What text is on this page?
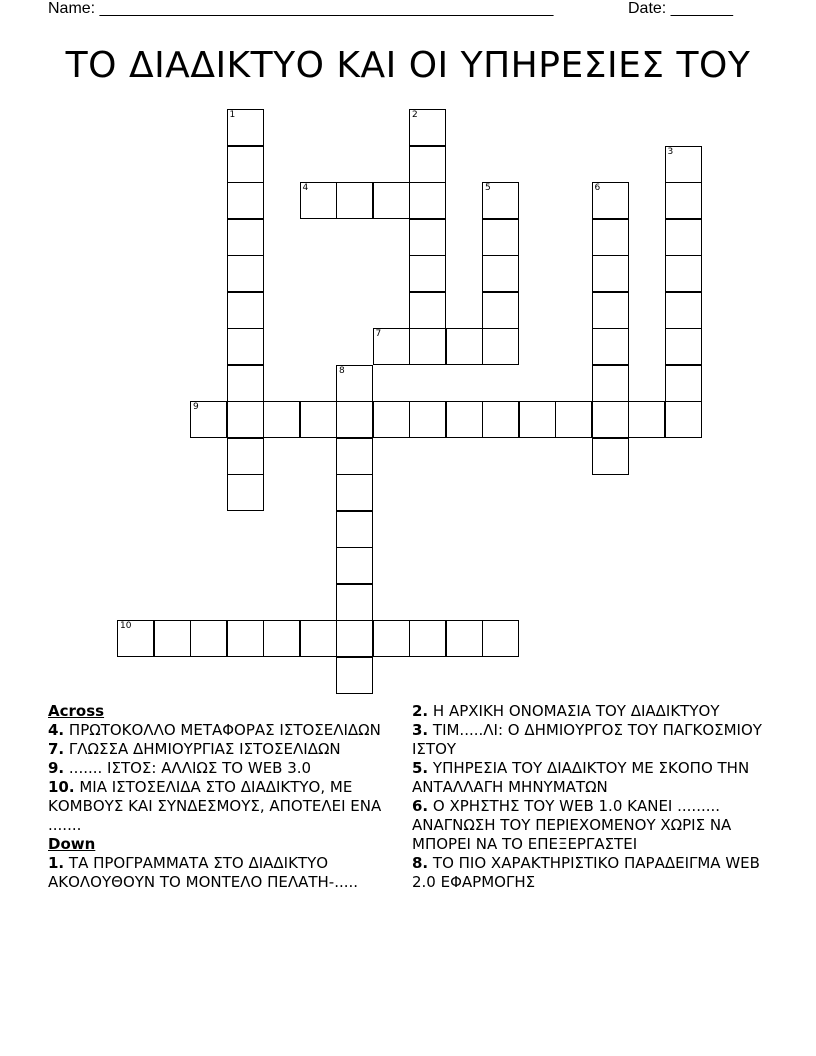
Name: ___________________________________________________	Date: _______
ΤΟ ΔΙΑΔΙΚΤΥΟ ΚΑΙ ΟΙ ΥΠΗΡΕΣΙΕΣ ΤΟΥ
1	2
3
4	5	6
7
8
9
10
Across
4. ΠΡΩΤΟΚΟΛΛΟ ΜΕΤΑΦΟΡΑΣ ΙΣΤΟΣΕΛΙΔΩΝ
7. ΓΛΩΣΣΑ ΔΗΜΙΟΥΡΓΙΑΣ ΙΣΤΟΣΕΛΙΔΩΝ
9. ....... ΙΣΤΟΣ: ΑΛΛΙΩΣ ΤΟ WEB 3.0
10. ΜΙΑ ΙΣΤΟΣΕΛΙΔΑ ΣΤΟ ΔΙΑΔΙΚΤΥΟ, ΜΕ ΚΟΜΒΟΥΣ ΚΑΙ ΣΥΝΔΕΣΜΟΥΣ, ΑΠΟΤΕΛΕΙ ΕΝΑ .......
Down
1. ΤΑ ΠΡΟΓΡΑΜΜΑΤΑ ΣΤΟ ΔΙΑΔΙΚΤΥΟ ΑΚΟΛΟΥΘΟΥΝ ΤΟ ΜΟΝΤΕΛΟ ΠΕΛΑΤΗ-.....
2. Η ΑΡΧΙΚΗ ΟΝΟΜΑΣΙΑ ΤΟΥ ΔΙΑΔΙΚΤΥΟΥ
3. ΤΙΜ.....ΛΙ: Ο ΔΗΜΙΟΥΡΓΟΣ ΤΟΥ ΠΑΓΚΟΣΜΙΟΥ ΙΣΤΟΥ
5. ΥΠΗΡΕΣΙΑ ΤΟΥ ΔΙΑΔΙΚΤΟΥ ΜΕ ΣΚΟΠΟ ΤΗΝ ΑΝΤΑΛΛΑΓΗ ΜΗΝΥΜΑΤΩΝ
6. Ο ΧΡΗΣΤΗΣ ΤΟΥ WEB 1.0 ΚΑΝΕΙ ......... ΑΝΑΓΝΩΣΗ ΤΟΥ ΠΕΡΙΕΧΟΜΕΝΟΥ ΧΩΡΙΣ ΝΑ ΜΠΟΡΕΙ ΝΑ ΤΟ ΕΠΕΞΕΡΓΑΣΤΕΙ
8. ΤΟ ΠΙΟ ΧΑΡΑΚΤΗΡΙΣΤΙΚΟ ΠΑΡΑΔΕΙΓΜΑ WEB 2.0 ΕΦΑΡΜΟΓΗΣ
